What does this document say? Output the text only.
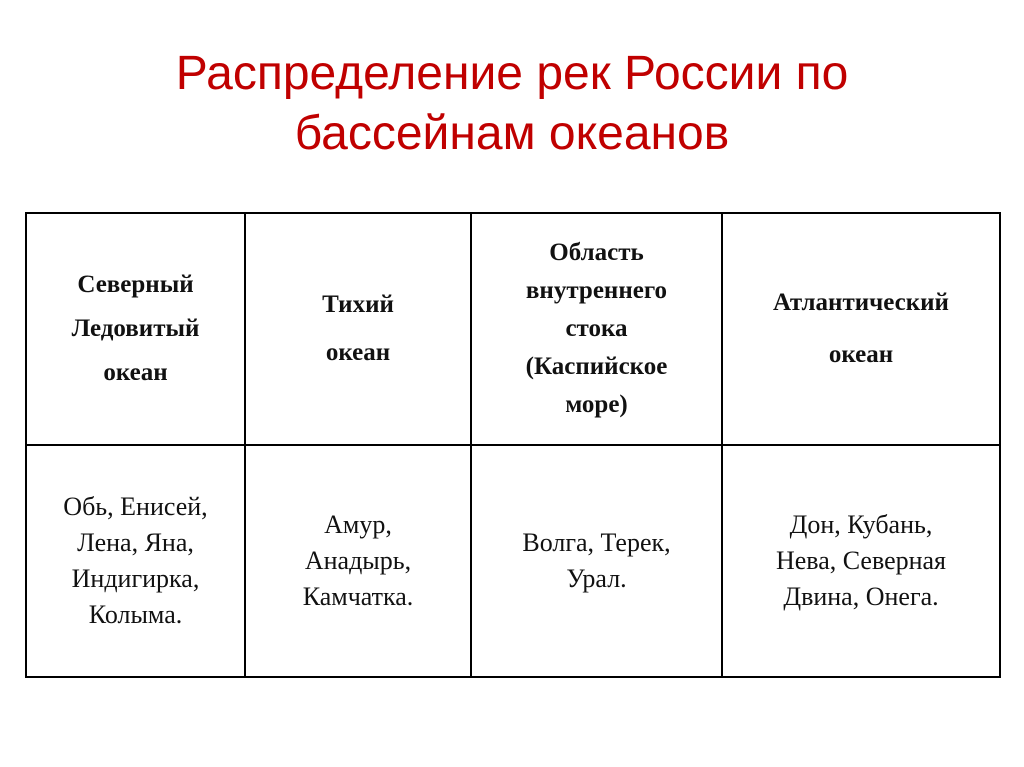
Распределение рек России по
бассейнам океанов
Северный
Ледовитый
океан	Тихий
океан	Область
внутреннего
стока
(Каспийское
море)	Атлантический
океан

Обь, Енисей,
Лена, Яна,
Индигирка,
Колыма.	Амур,
Анадырь,
Камчатка.	Волга, Терек,
Урал.	Дон, Кубань,
Нева, Северная
Двина, Онега.
